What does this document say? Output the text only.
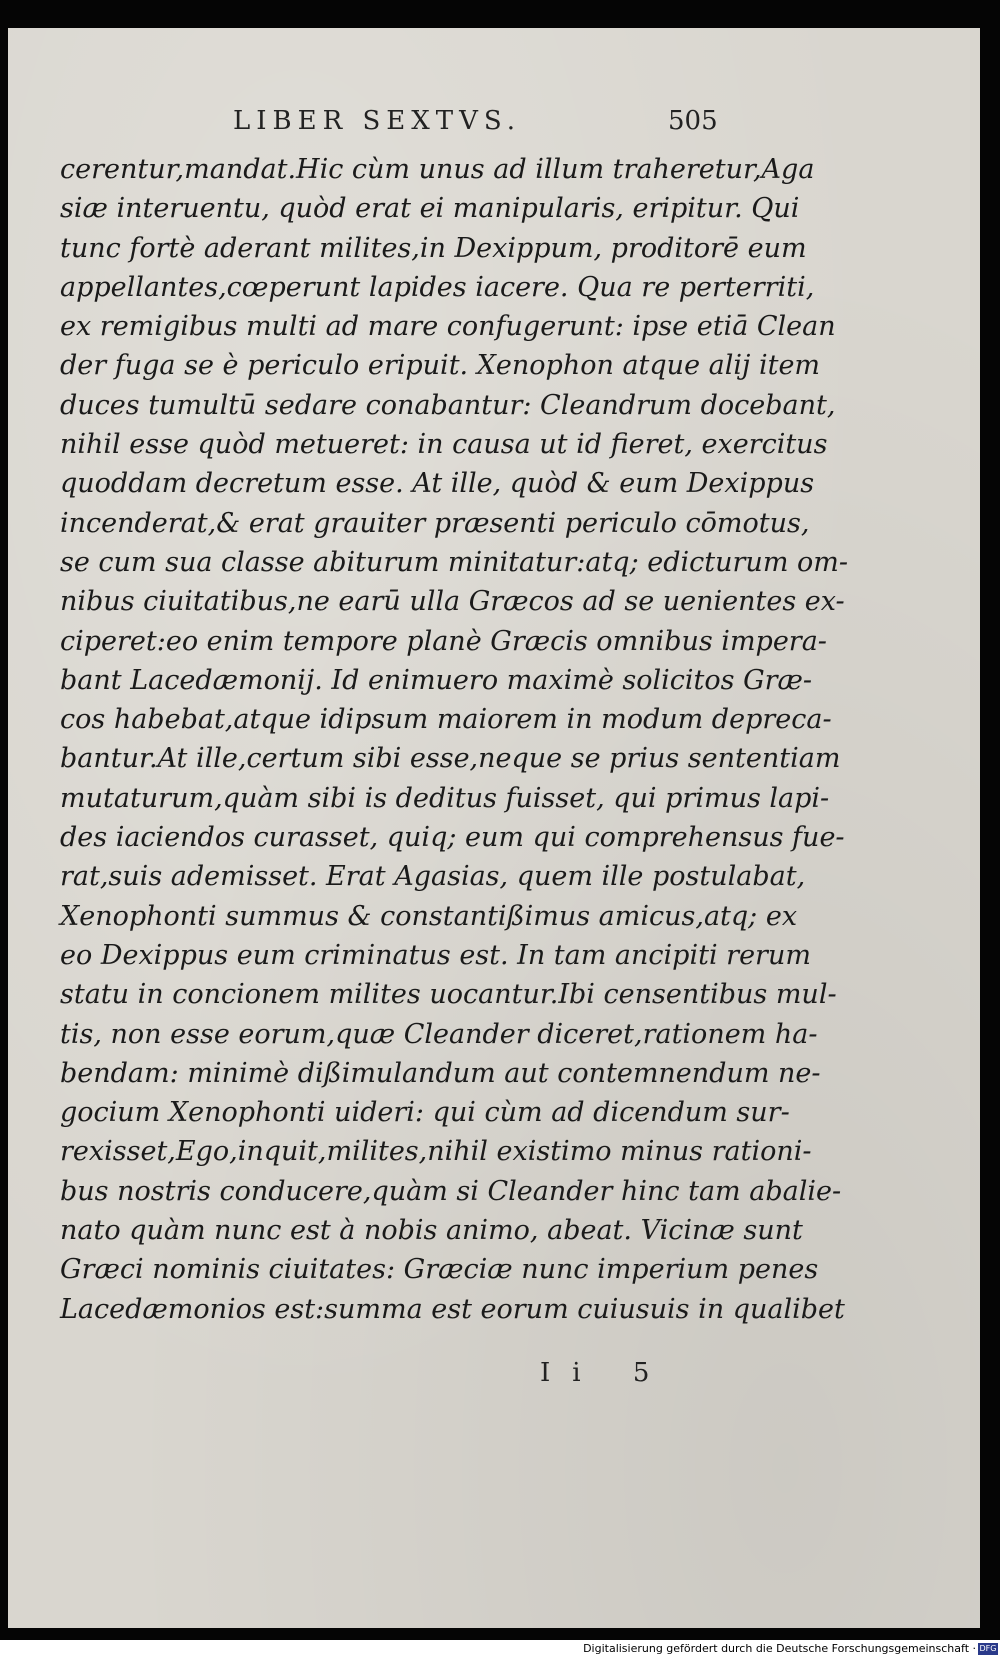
LIBER SEXTVS.	505
cerentur,mandat.Hic cùm unus ad illum traheretur,Aga
siæ interuentu, quòd erat ei manipularis, eripitur. Qui
tunc fortè aderant milites,in Dexippum, proditorē eum
appellantes,cœperunt lapides iacere. Qua re perterriti,
ex remigibus multi ad mare confugerunt: ipse etiā Clean
der fuga se è periculo eripuit. Xenophon atque alij item
duces tumultū sedare conabantur: Cleandrum docebant,
nihil esse quòd metueret: in causa ut id fieret, exercitus
quoddam decretum esse. At ille, quòd & eum Dexippus
incenderat,& erat grauiter præsenti periculo cōmotus,
se cum sua classe abiturum minitatur:atq; edicturum om-
nibus ciuitatibus,ne earū ulla Græcos ad se uenientes ex-
ciperet:eo enim tempore planè Græcis omnibus impera-
bant Lacedæmonij. Id enimuero maximè solicitos Græ-
cos habebat,atque idipsum maiorem in modum depreca-
bantur.At ille,certum sibi esse,neque se prius sententiam
mutaturum,quàm sibi is deditus fuisset, qui primus lapi-
des iaciendos curasset, quiq; eum qui comprehensus fue-
rat,suis ademisset. Erat Agasias, quem ille postulabat,
Xenophonti summus & constantißimus amicus,atq; ex
eo Dexippus eum criminatus est. In tam ancipiti rerum
statu in concionem milites uocantur.Ibi censentibus mul-
tis, non esse eorum,quæ Cleander diceret,rationem ha-
bendam: minimè dißimulandum aut contemnendum ne-
gocium Xenophonti uideri: qui cùm ad dicendum sur-
rexisset,Ego,inquit,milites,nihil existimo minus rationi-
bus nostris conducere,quàm si Cleander hinc tam abalie-
nato quàm nunc est à nobis animo, abeat. Vicinæ sunt
Græci nominis ciuitates: Græciæ nunc imperium penes
Lacedæmonios est:summa est eorum cuiusuis in qualibet
Ii 5
Digitalisierung gefördert durch die Deutsche Forschungsgemeinschaft · DFG
